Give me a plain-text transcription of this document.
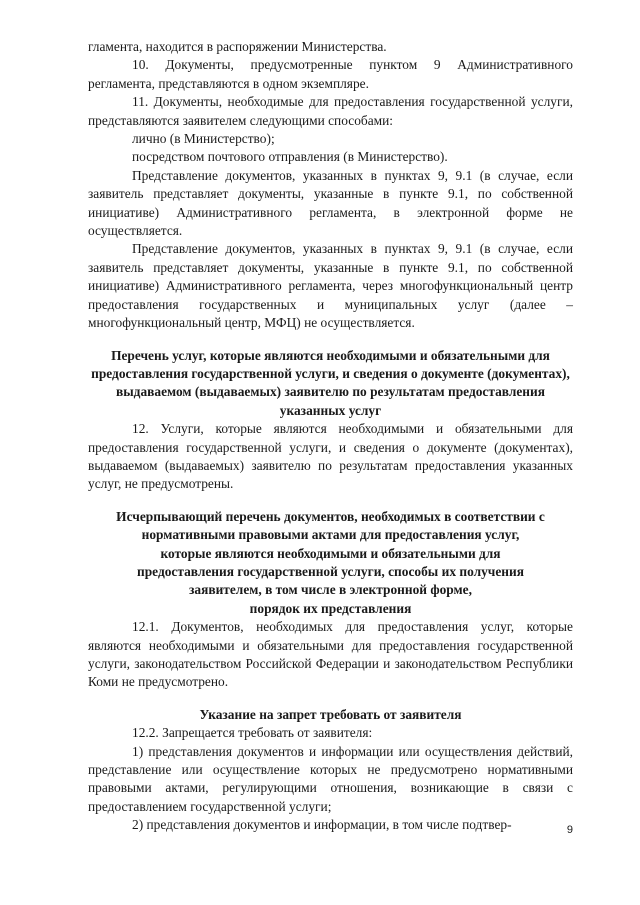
гламента, находится в распоряжении Министерства.

10. Документы, предусмотренные пунктом 9 Административного регламента, представляются в одном экземпляре.

11. Документы, необходимые для предоставления государственной услуги, представляются заявителем следующими способами:

лично (в Министерство);

посредством почтового отправления (в Министерство).

Представление документов, указанных в пунктах 9, 9.1 (в случае, если заявитель представляет документы, указанные в пункте 9.1, по собственной инициативе) Административного регламента, в электронной форме не осуществляется.

Представление документов, указанных в пунктах 9, 9.1 (в случае, если заявитель представляет документы, указанные в пункте 9.1, по собственной инициативе) Административного регламента, через многофункциональный центр предоставления государственных и муниципальных услуг (далее – многофункциональный центр, МФЦ) не осуществляется.

Перечень услуг, которые являются необходимыми и обязательными для предоставления государственной услуги, и сведения о документе (документах), выдаваемом (выдаваемых) заявителю по результатам предоставления указанных услуг

12. Услуги, которые являются необходимыми и обязательными для предоставления государственной услуги, и сведения о документе (документах), выдаваемом (выдаваемых) заявителю по результатам предоставления указанных услуг, не предусмотрены.

Исчерпывающий перечень документов, необходимых в соответствии с нормативными правовыми актами для предоставления услуг,
которые являются необходимыми и обязательными для
предоставления государственной услуги, способы их получения
заявителем, в том числе в электронной форме,
порядок их представления

12.1. Документов, необходимых для предоставления услуг, которые являются необходимыми и обязательными для предоставления государственной услуги, законодательством Российской Федерации и законодательством Республики Коми не предусмотрено.

Указание на запрет требовать от заявителя

12.2. Запрещается требовать от заявителя:

1) представления документов и информации или осуществления действий, представление или осуществление которых не предусмотрено нормативными правовыми актами, регулирующими отношения, возникающие в связи с предоставлением государственной услуги;

2) представления документов и информации, в том числе подтвер-	9
